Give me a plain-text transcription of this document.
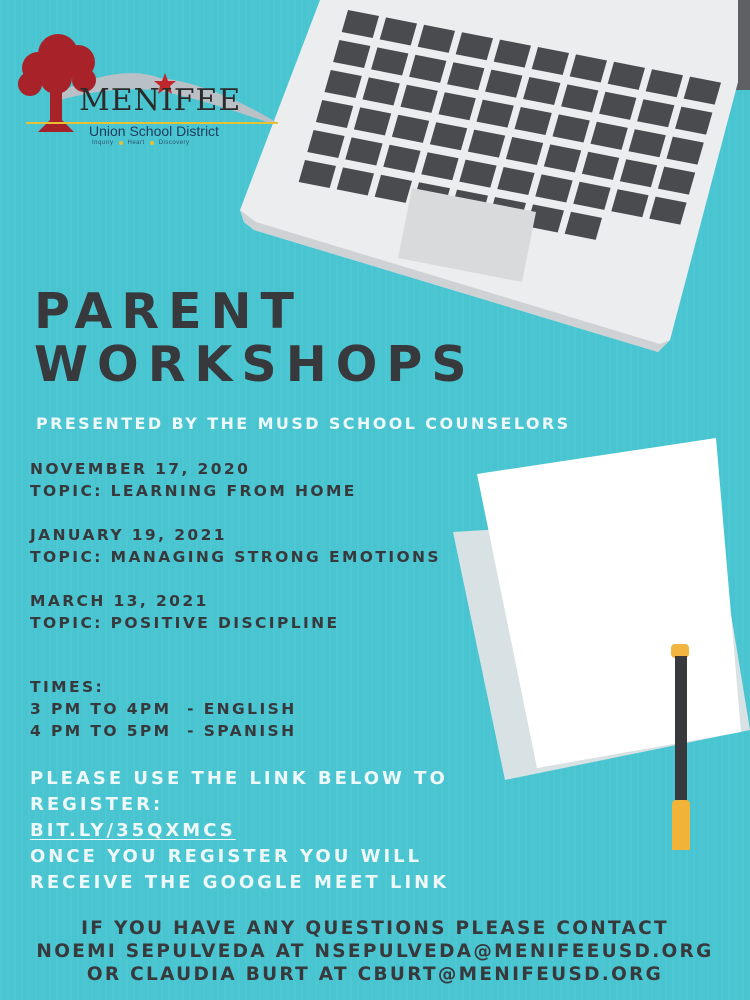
MENIFEE
Union School District
Inquiry Heart Discovery
PARENT
WORKSHOPS
PRESENTED BY THE MUSD SCHOOL COUNSELORS
NOVEMBER 17, 2020
TOPIC: LEARNING FROM HOME
JANUARY 19, 2021
TOPIC: MANAGING STRONG EMOTIONS
MARCH 13, 2021
TOPIC: POSITIVE DISCIPLINE
TIMES:
3 PM TO 4PM  - ENGLISH
4 PM TO 5PM  - SPANISH
PLEASE USE THE LINK BELOW TO
REGISTER:
BIT.LY/35QXMCS
ONCE YOU REGISTER YOU WILL
RECEIVE THE GOOGLE MEET LINK
IF YOU HAVE ANY QUESTIONS PLEASE CONTACT
NOEMI SEPULVEDA AT NSEPULVEDA@MENIFEEUSD.ORG
OR CLAUDIA BURT AT CBURT@MENIFEUSD.ORG
